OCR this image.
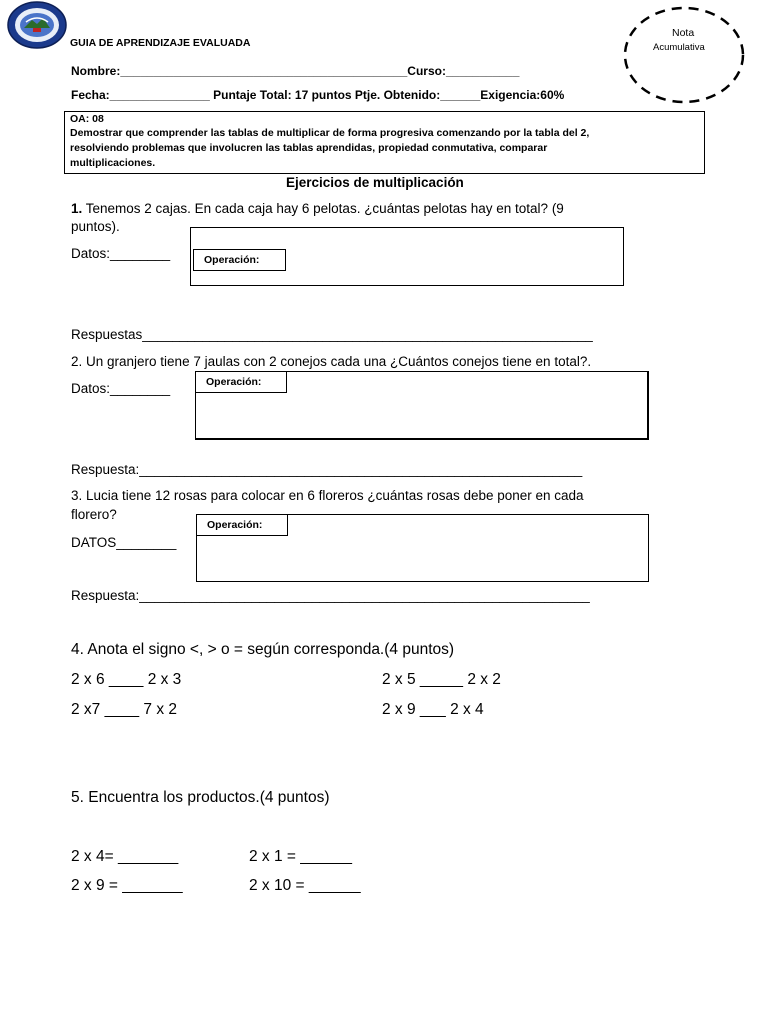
GUIA DE APRENDIZAJE EVALUADA
Nota
Acumulativa
Nombre:___________________________________________Curso:___________
Fecha:_______________ Puntaje Total: 17 puntos Ptje. Obtenido:______Exigencia:60%
OA: 08
Demostrar que comprender las tablas de multiplicar de forma progresiva comenzando por la tabla del 2,
resolviendo problemas que involucren las tablas aprendidas, propiedad conmutativa, comparar
multiplicaciones.
Ejercicios de multiplicación
1. Tenemos 2 cajas. En cada caja hay 6 pelotas. ¿cuántas pelotas hay en total? (9
puntos).
Datos:________	Operación:
Respuestas____________________________________________________________
2. Un granjero tiene 7 jaulas con 2 conejos cada una ¿Cuántos conejos tiene en total?.
Datos:________	Operación:
Respuesta:___________________________________________________________
3. Lucia tiene 12 rosas para colocar en 6 floreros ¿cuántas rosas debe poner en cada
florero?
DATOS________
Operación:
Respuesta:____________________________________________________________
4. Anota el signo <, > o = según corresponda.(4 puntos)
2 x 6 ____ 2 x 3	2 x 5 _____ 2 x 2
2 x7 ____ 7 x 2	2 x 9 ___ 2 x 4
5. Encuentra los productos.(4 puntos)
2 x 4= _______	2 x 1 = ______
2 x 9 = _______	2 x 10 = ______
